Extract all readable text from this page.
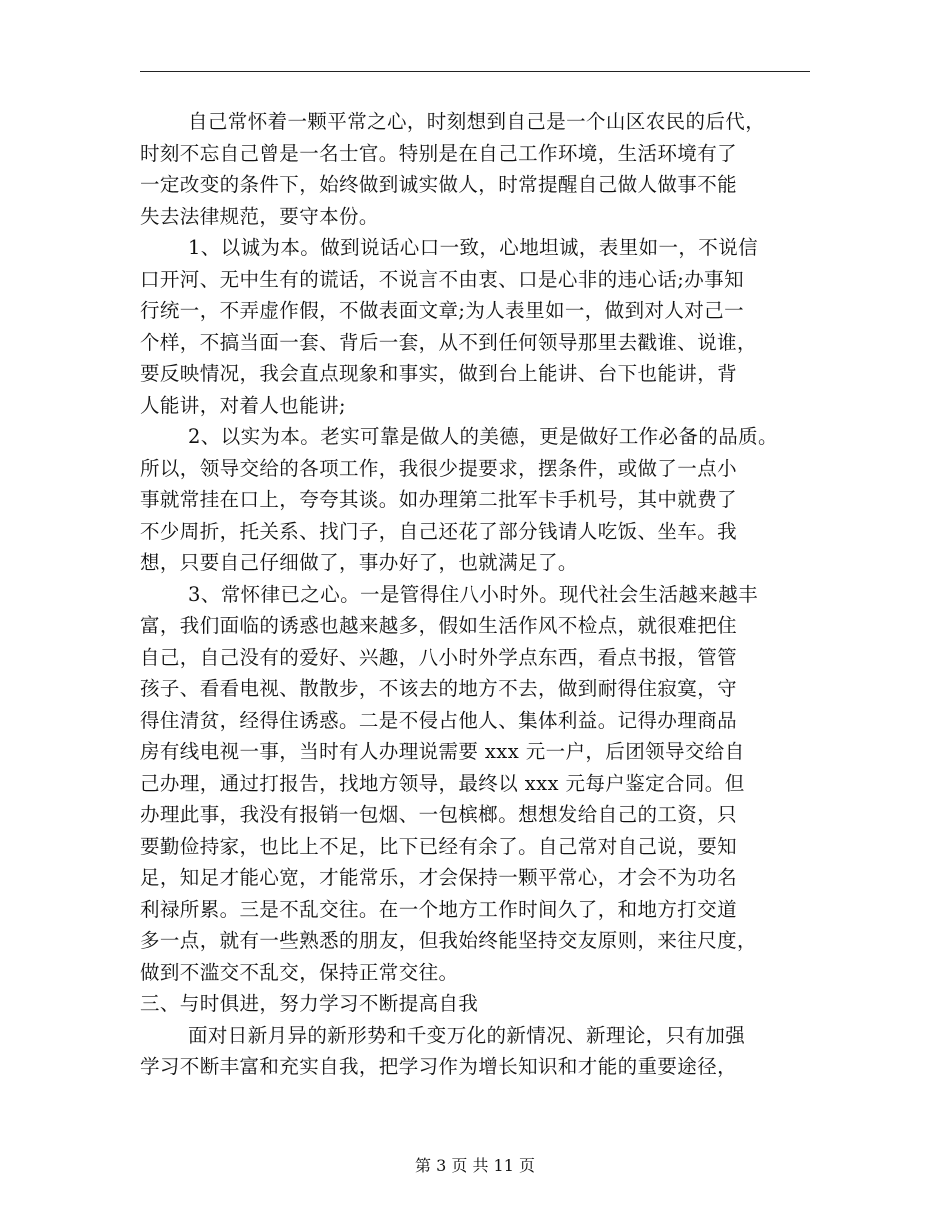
自己常怀着一颗平常之心，时刻想到自己是一个山区农民的后代，
时刻不忘自己曾是一名士官。特别是在自己工作环境，生活环境有了
一定改变的条件下，始终做到诚实做人，时常提醒自己做人做事不能
失去法律规范，要守本份。
1、以诚为本。做到说话心口一致，心地坦诚，表里如一，不说信
口开河、无中生有的谎话，不说言不由衷、口是心非的违心话;办事知
行统一，不弄虚作假，不做表面文章;为人表里如一，做到对人对己一
个样，不搞当面一套、背后一套，从不到任何领导那里去戳谁、说谁，
要反映情况，我会直点现象和事实，做到台上能讲、台下也能讲，背
人能讲，对着人也能讲;
2、以实为本。老实可靠是做人的美德，更是做好工作必备的品质。
所以，领导交给的各项工作，我很少提要求，摆条件，或做了一点小
事就常挂在口上，夸夸其谈。如办理第二批军卡手机号，其中就费了
不少周折，托关系、找门子，自己还花了部分钱请人吃饭、坐车。我
想，只要自己仔细做了，事办好了，也就满足了。
3、常怀律已之心。一是管得住八小时外。现代社会生活越来越丰
富，我们面临的诱惑也越来越多，假如生活作风不检点，就很难把住
自己，自己没有的爱好、兴趣，八小时外学点东西，看点书报，管管
孩子、看看电视、散散步，不该去的地方不去，做到耐得住寂寞，守
得住清贫，经得住诱惑。二是不侵占他人、集体利益。记得办理商品
房有线电视一事，当时有人办理说需要 xxx 元一户，后团领导交给自
己办理，通过打报告，找地方领导，最终以 xxx 元每户鉴定合同。但
办理此事，我没有报销一包烟、一包槟榔。想想发给自己的工资，只
要勤俭持家，也比上不足，比下已经有余了。自己常对自己说，要知
足，知足才能心宽，才能常乐，才会保持一颗平常心，才会不为功名
利禄所累。三是不乱交往。在一个地方工作时间久了，和地方打交道
多一点，就有一些熟悉的朋友，但我始终能坚持交友原则，来往尺度，
做到不滥交不乱交，保持正常交往。
三、与时俱进，努力学习不断提高自我
面对日新月异的新形势和千变万化的新情况、新理论，只有加强
学习不断丰富和充实自我，把学习作为增长知识和才能的重要途径，
第 3 页 共 11 页
